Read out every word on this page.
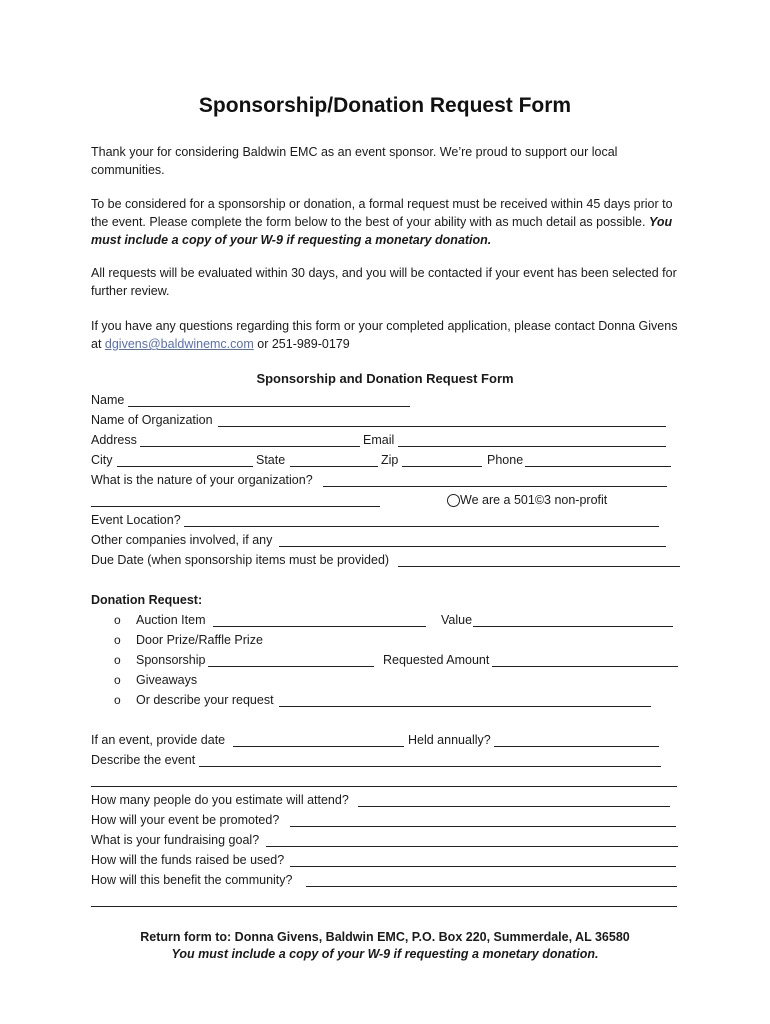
Sponsorship/Donation Request Form

Thank your for considering Baldwin EMC as an event sponsor. We’re proud to support our local communities.

To be considered for a sponsorship or donation, a formal request must be received within 45 days prior to the event. Please complete the form below to the best of your ability with as much detail as possible. You must include a copy of your W-9 if requesting a monetary donation.

All requests will be evaluated within 30 days, and you will be contacted if your event has been selected for further review.

If you have any questions regarding this form or your completed application, please contact Donna Givens at dgivens@baldwinemc.com or 251-989-0179

Sponsorship and Donation Request Form
Name
Name of Organization
Address	Email
City	State	Zip	Phone
What is the nature of your organization?
We are a 501©3 non-profit
Event Location?
Other companies involved, if any
Due Date (when sponsorship items must be provided)
Donation Request:
o Auction Item	Value
o Door Prize/Raffle Prize
o Sponsorship	Requested Amount
o Giveaways
o Or describe your request
If an event, provide date	Held annually?
Describe the event
How many people do you estimate will attend?
How will your event be promoted?
What is your fundraising goal?
How will the funds raised be used?
How will this benefit the community?
Return form to: Donna Givens, Baldwin EMC, P.O. Box 220, Summerdale, AL 36580
You must include a copy of your W-9 if requesting a monetary donation.
